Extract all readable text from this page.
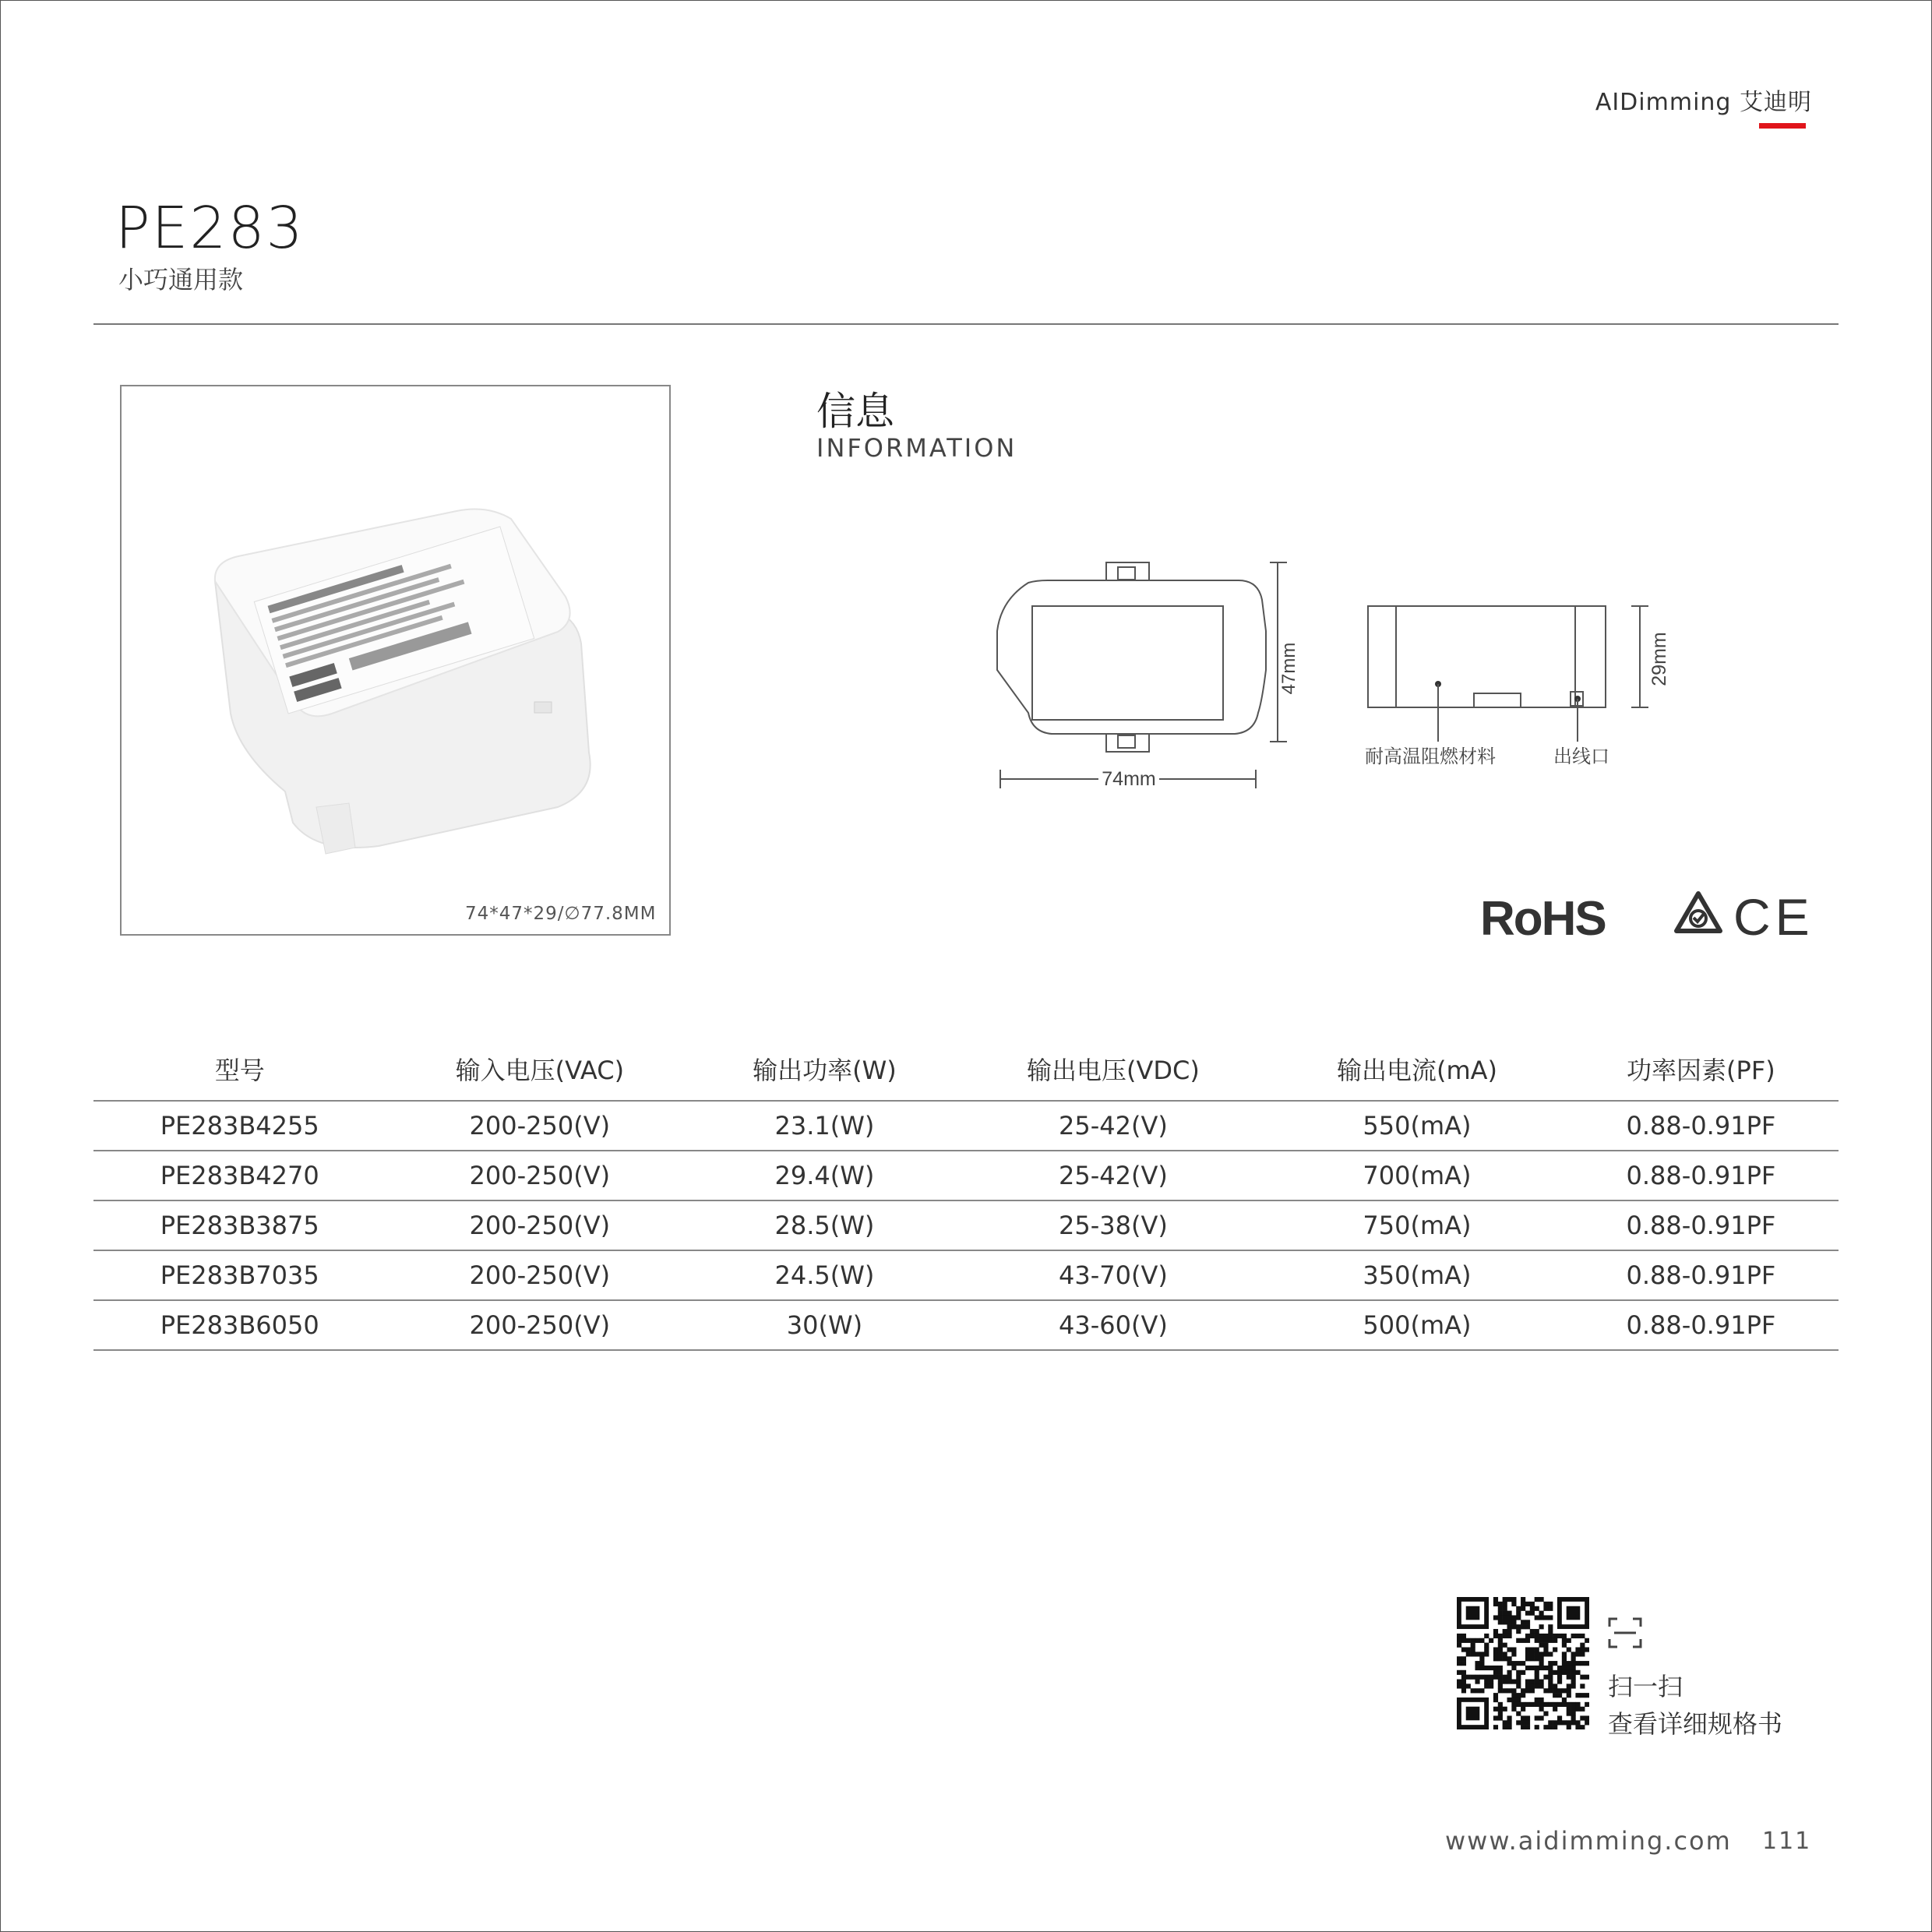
AIDimming 艾迪明
PE283
小巧通用款
74*47*29/∅77.8MM
信息
INFORMATION
47mm
74mm
29mm
耐高温阻燃材料	出线口
RoHS CE
型号	输入电压(VAC)	输出功率(W)	输出电压(VDC)	输出电流(mA)	功率因素(PF)
PE283B4255	200-250(V)	23.1(W)	25-42(V)	550(mA)	0.88-0.91PF
PE283B4270	200-250(V)	29.4(W)	25-42(V)	700(mA)	0.88-0.91PF
PE283B3875	200-250(V)	28.5(W)	25-38(V)	750(mA)	0.88-0.91PF
PE283B7035	200-250(V)	24.5(W)	43-70(V)	350(mA)	0.88-0.91PF
PE283B6050	200-250(V)	30(W)	43-60(V)	500(mA)	0.88-0.91PF
扫一扫
查看详细规格书
www.aidimming.com 111
